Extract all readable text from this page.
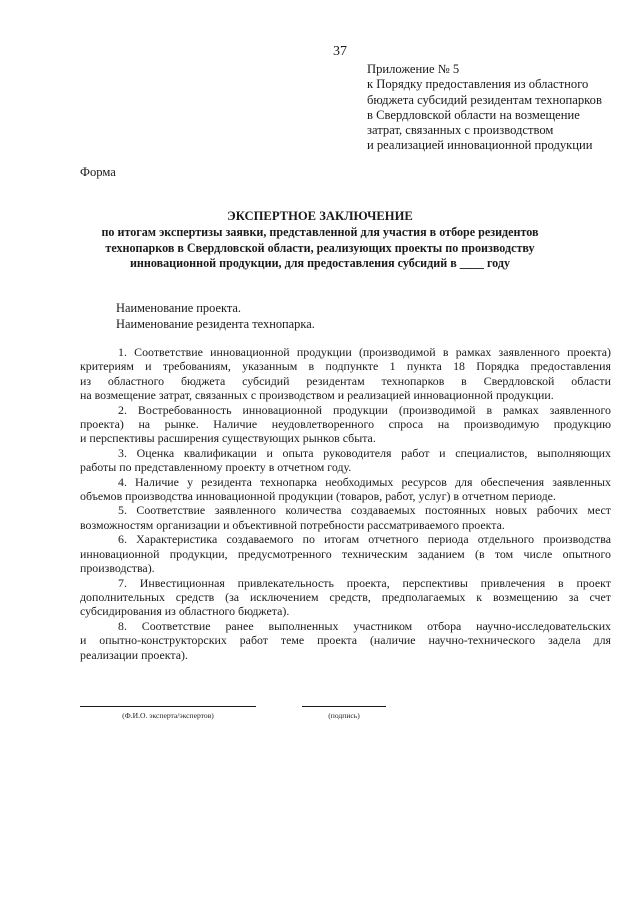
37
Приложение № 5
к Порядку предоставления из областного
бюджета субсидий резидентам технопарков
в Свердловской области на возмещение
затрат, связанных с производством
и реализацией инновационной продукции
Форма
ЭКСПЕРТНОЕ ЗАКЛЮЧЕНИЕ
по итогам экспертизы заявки, представленной для участия в отборе резидентов
технопарков в Свердловской области, реализующих проекты по производству
инновационной продукции, для предоставления субсидий в ____ году
Наименование проекта.
Наименование резидента технопарка.
1. Соответствие инновационной продукции (производимой в рамках заявленного проекта)
критериям и требованиям, указанным в подпункте 1 пункта 18 Порядка предоставления
из областного бюджета субсидий резидентам технопарков в Свердловской области
на возмещение затрат, связанных с производством и реализацией инновационной продукции.
2. Востребованность инновационной продукции (производимой в рамках заявленного
проекта) на рынке. Наличие неудовлетворенного спроса на производимую продукцию
и перспективы расширения существующих рынков сбыта.
3. Оценка квалификации и опыта руководителя работ и специалистов, выполняющих
работы по представленному проекту в отчетном году.
4. Наличие у резидента технопарка необходимых ресурсов для обеспечения заявленных
объемов производства инновационной продукции (товаров, работ, услуг) в отчетном периоде.
5. Соответствие заявленного количества создаваемых постоянных новых рабочих мест
возможностям организации и объективной потребности рассматриваемого проекта.
6. Характеристика создаваемого по итогам отчетного периода отдельного производства
инновационной продукции, предусмотренного техническим заданием (в том числе опытного
производства).
7. Инвестиционная привлекательность проекта, перспективы привлечения в проект
дополнительных средств (за исключением средств, предполагаемых к возмещению за счет
субсидирования из областного бюджета).
8. Соответствие ранее выполненных участником отбора научно-исследовательских
и опытно-конструкторских работ теме проекта (наличие научно-технического задела для
реализации проекта).
(Ф.И.О. эксперта/экспертов)	(подпись)
